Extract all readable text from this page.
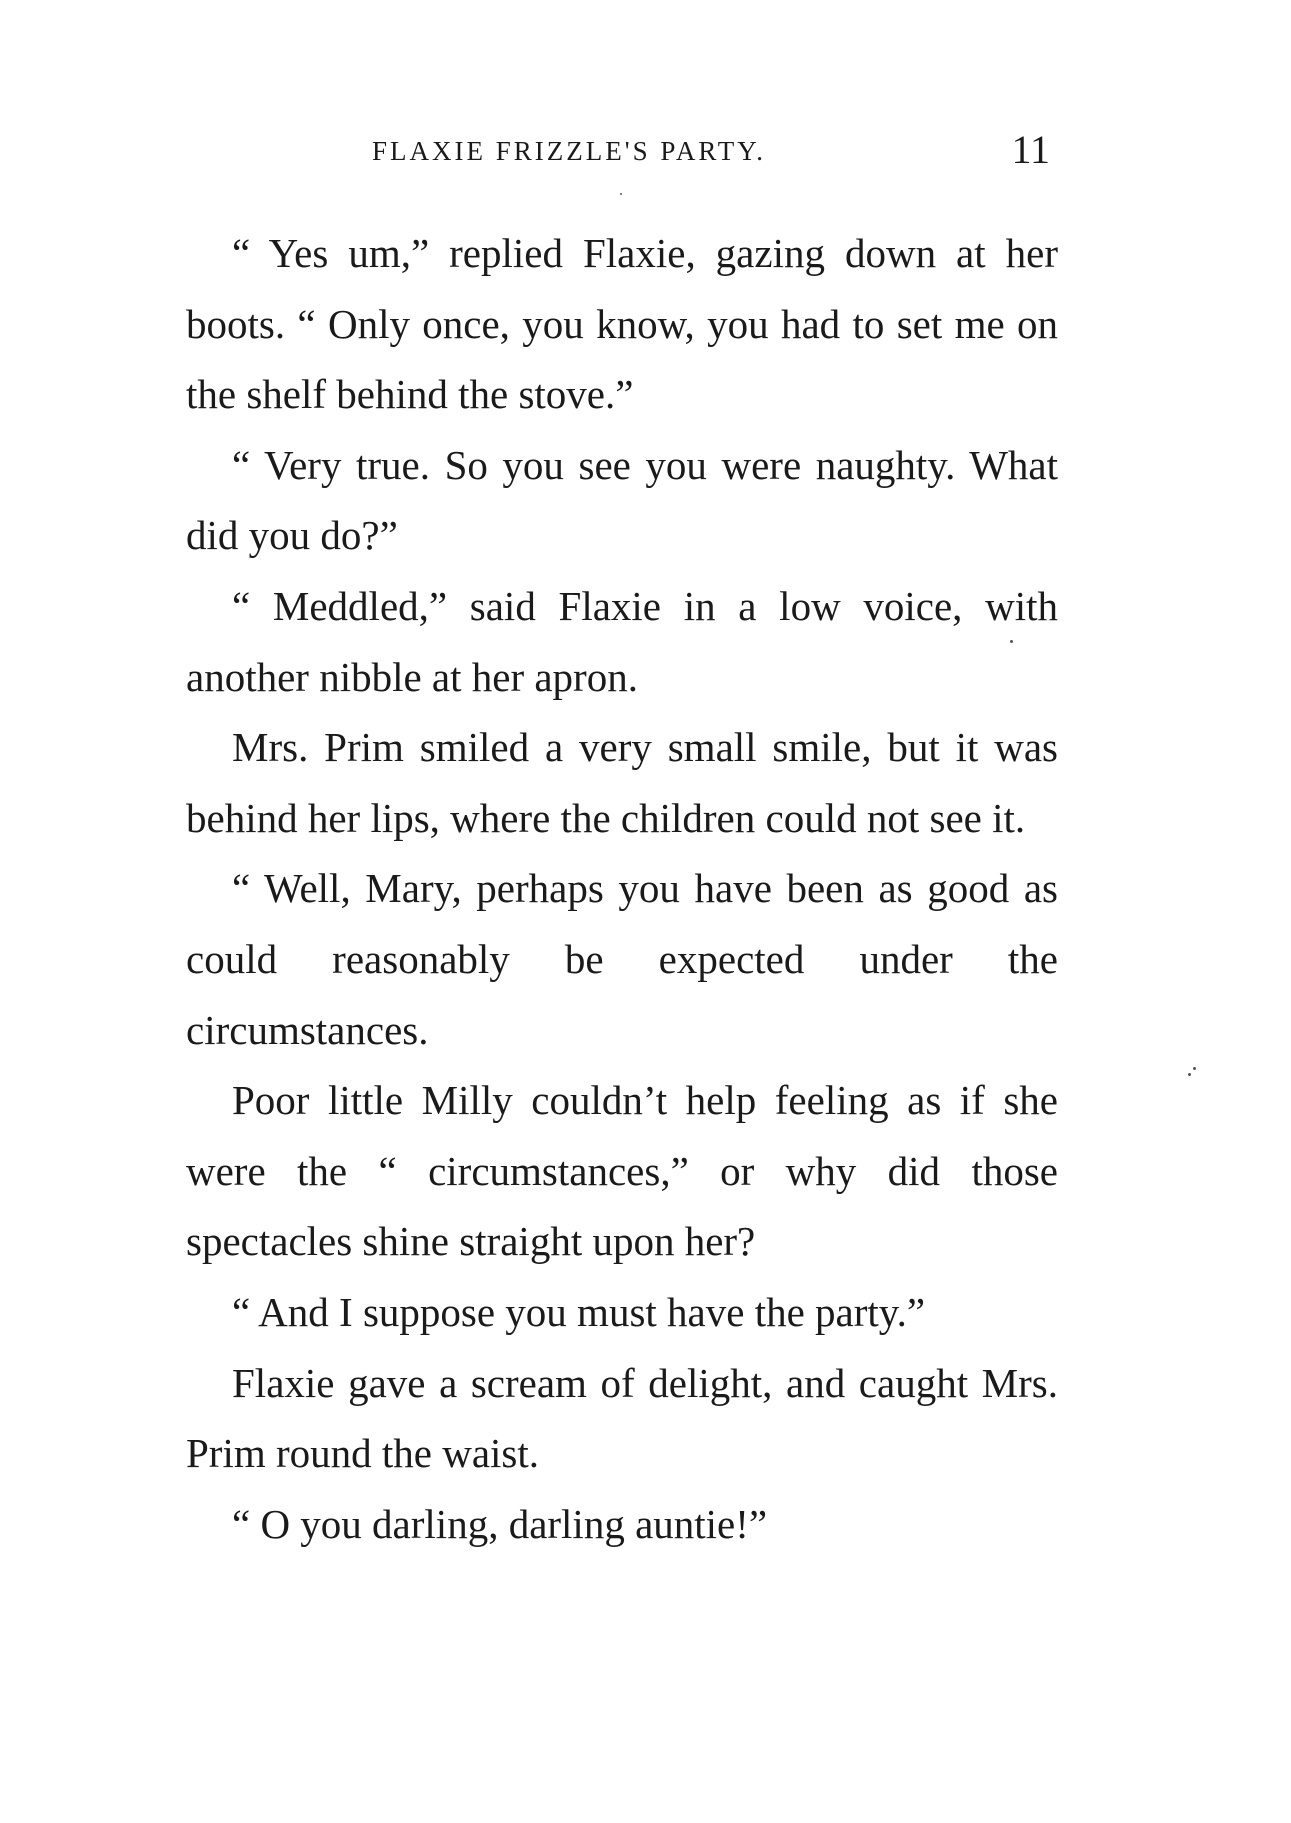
FLAXIE FRIZZLE'S PARTY.	11

“ Yes um,” replied Flaxie, gazing down at her boots. “ Only once, you know, you had to set me on the shelf behind the stove.”

“ Very true. So you see you were naughty. What did you do?”

“ Meddled,” said Flaxie in a low voice, with another nibble at her apron.

Mrs. Prim smiled a very small smile, but it was behind her lips, where the children could not see it.

“ Well, Mary, perhaps you have been as good as could reasonably be expected under the circumstances.

Poor little Milly couldn’t help feeling as if she were the “ circumstances,” or why did those spectacles shine straight upon her?

“ And I suppose you must have the party.”

Flaxie gave a scream of delight, and caught Mrs. Prim round the waist.

“ O you darling, darling auntie!”
